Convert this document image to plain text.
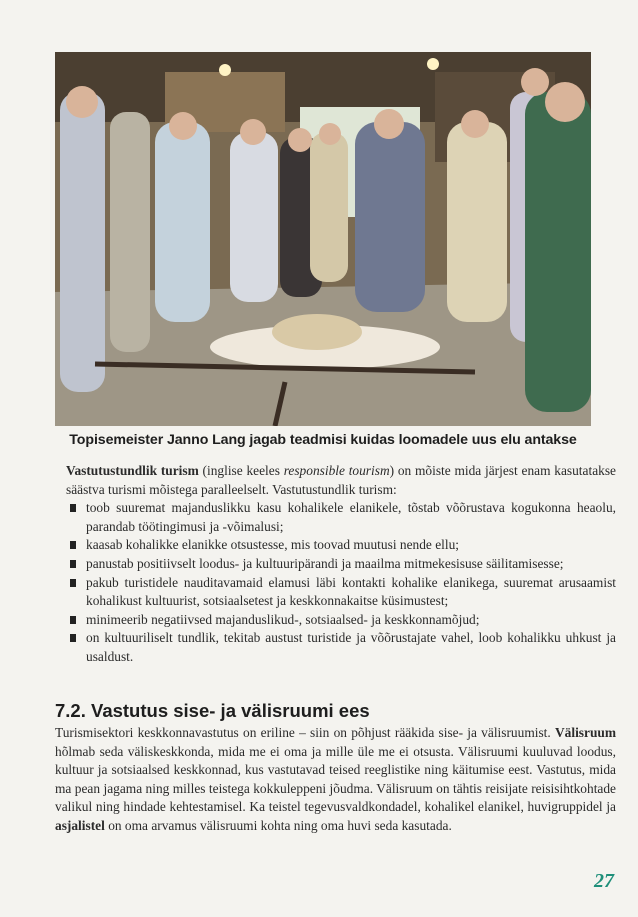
Topisemeister Janno Lang jagab teadmisi kuidas loomadele uus elu antakse

Vastutustundlik turism (inglise keeles responsible tourism) on mõiste mida järjest enam kasutatakse säästva turismi mõistega paralleelselt. Vastutustundlik turism:

toob suuremat majanduslikku kasu kohalikele elanikele, tõstab võõrustava kogukonna heaolu, parandab töötingimusi ja -võimalusi;
kaasab kohalikke elanikke otsustesse, mis toovad muutusi nende ellu;
panustab positiivselt loodus- ja kultuuripärandi ja maailma mitmekesisuse säilitamisesse;
pakub turistidele nauditavamaid elamusi läbi kontakti kohalike elanikega, suuremat arusaamist kohalikust kultuurist, sotsiaalsetest ja keskkonnakaitse küsimustest;
minimeerib negatiivsed majanduslikud-, sotsiaalsed- ja keskkonnamõjud;
on kultuuriliselt tundlik, tekitab austust turistide ja võõrustajate vahel, loob kohalikku uhkust ja usaldust.
7.2. Vastutus sise- ja välisruumi ees

Turismisektori keskkonnavastutus on eriline – siin on põhjust rääkida sise- ja välisruumist. Välisruum hõlmab seda väliskeskkonda, mida me ei oma ja mille üle me ei otsusta. Välisruumi kuuluvad loodus, kultuur ja sotsiaalsed keskkonnad, kus vastutavad teised reeglistike ning käitumise eest. Vastutus, mida ma pean jagama ning milles teistega kokkuleppeni jõudma. Välisruum on tähtis reisijate reisisihtkohtade valikul ning hindade kehtestamisel. Ka teistel tegevusvaldkondadel, kohalikel elanikel, huvigruppidel ja asjalistel on oma arvamus välisruumi kohta ning oma huvi seda kasutada.

27
